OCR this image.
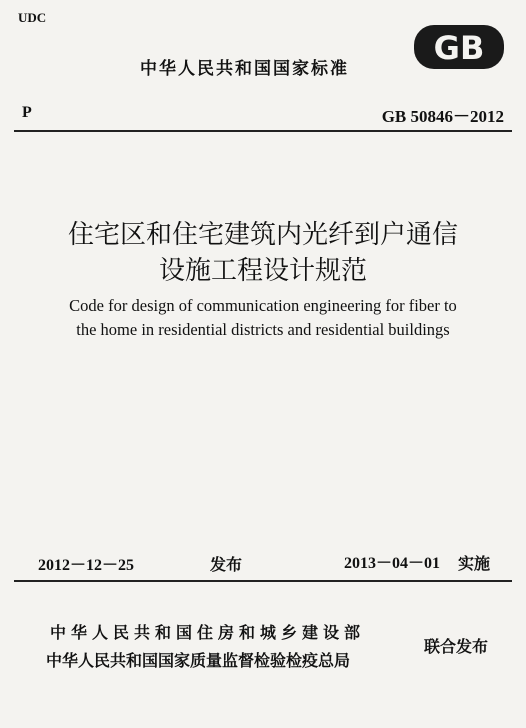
UDC
中华人民共和国国家标准
GB
P	GB 50846－2012
住宅区和住宅建筑内光纤到户通信
设施工程设计规范
Code for design of communication engineering for fiber to
the home in residential districts and residential buildings
2012－12－25	发布	2013－04－01 实施
中华人民共和国住房和城乡建设部
中华人民共和国国家质量监督检验检疫总局
联合发布
